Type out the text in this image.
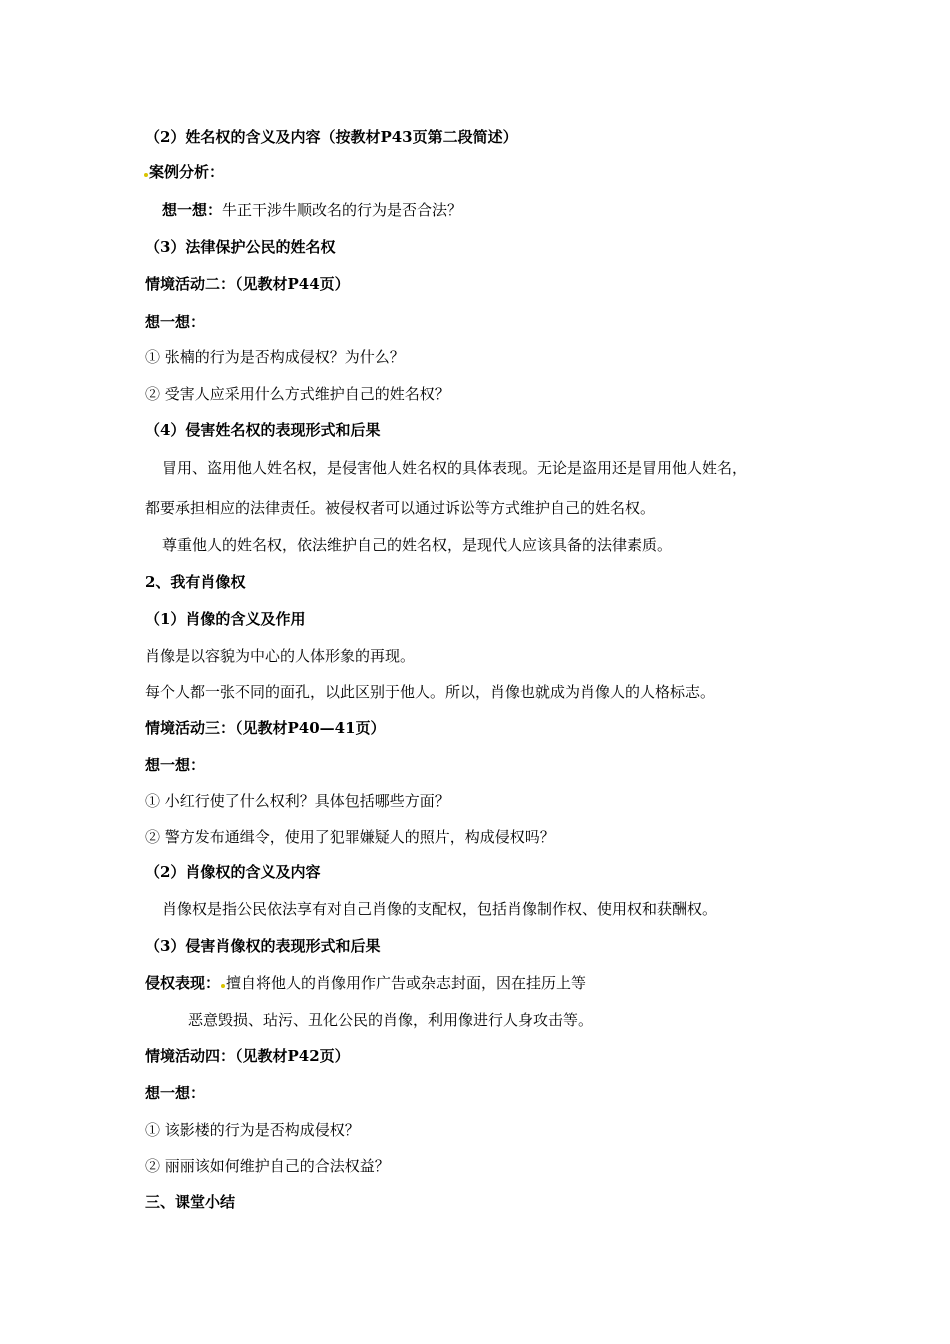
（2）姓名权的含义及内容（按教材P43页第二段简述）
案例分析：
想一想：牛正干涉牛顺改名的行为是否合法？
（3）法律保护公民的姓名权
情境活动二：（见教材P44页）
想一想：
① 张楠的行为是否构成侵权？为什么？
② 受害人应采用什么方式维护自己的姓名权？
（4）侵害姓名权的表现形式和后果
冒用、盗用他人姓名权，是侵害他人姓名权的具体表现。无论是盗用还是冒用他人姓名，
都要承担相应的法律责任。被侵权者可以通过诉讼等方式维护自己的姓名权。
尊重他人的姓名权，依法维护自己的姓名权，是现代人应该具备的法律素质。
2、我有肖像权
（1）肖像的含义及作用
肖像是以容貌为中心的人体形象的再现。
每个人都一张不同的面孔，以此区别于他人。所以，肖像也就成为肖像人的人格标志。
情境活动三：（见教材P40—41页）
想一想：
① 小红行使了什么权利？具体包括哪些方面？
② 警方发布通缉令，使用了犯罪嫌疑人的照片，构成侵权吗？
（2）肖像权的含义及内容
肖像权是指公民依法享有对自己肖像的支配权，包括肖像制作权、使用权和获酬权。
（3）侵害肖像权的表现形式和后果
侵权表现： 擅自将他人的肖像用作广告或杂志封面，因在挂历上等
恶意毁损、玷污、丑化公民的肖像，利用像进行人身攻击等。
情境活动四：（见教材P42页）
想一想：
① 该影楼的行为是否构成侵权？
② 丽丽该如何维护自己的合法权益？
三、课堂小结
